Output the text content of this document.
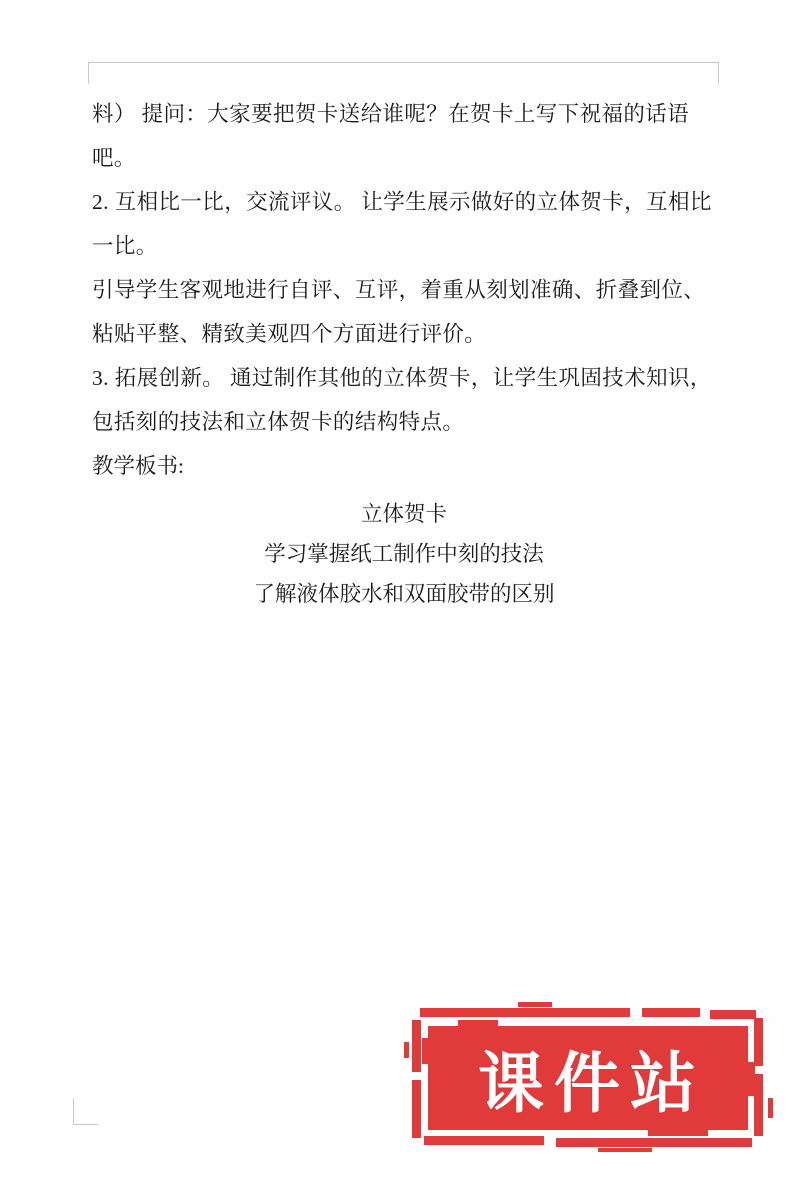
料） 提问：大家要把贺卡送给谁呢？在贺卡上写下祝福的话语吧。

2. 互相比一比，交流评议。 让学生展示做好的立体贺卡，互相比一比。

引导学生客观地进行自评、互评，着重从刻划准确、折叠到位、粘贴平整、精致美观四个方面进行评价。

3. 拓展创新。 通过制作其他的立体贺卡，让学生巩固技术知识，包括刻的技法和立体贺卡的结构特点。

教学板书:

立体贺卡

学习掌握纸工制作中刻的技法

了解液体胶水和双面胶带的区别

课件站
